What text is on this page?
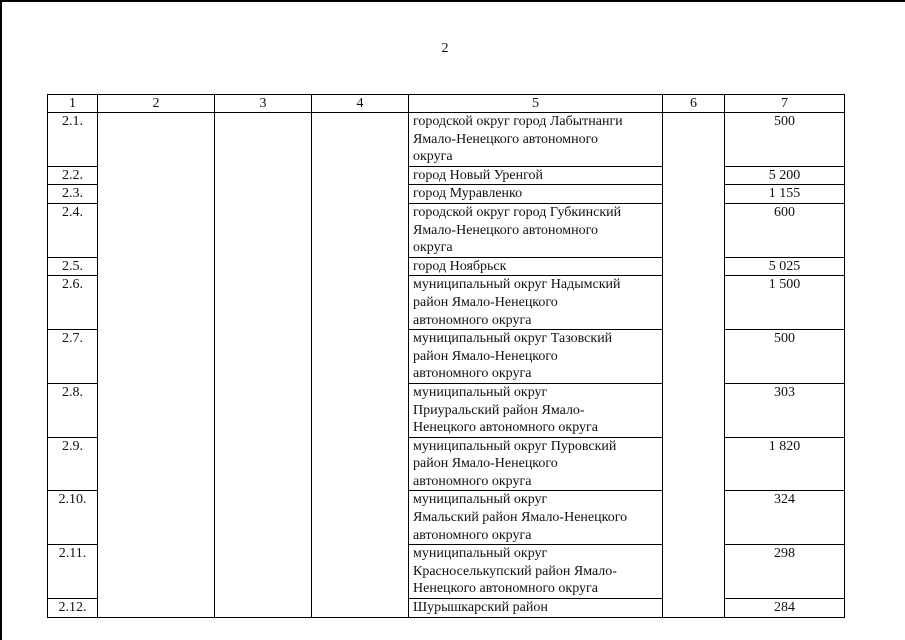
2
1	2	3	4	5	6	7
2.1.				городской округ город Лабытнанги
Ямало-Ненецкого автономного
округа		500
2.2.				город Новый Уренгой		5 200
2.3.				город Муравленко		1 155
2.4.				городской округ город Губкинский
Ямало-Ненецкого автономного
округа		600
2.5.				город Ноябрьск		5 025
2.6.				муниципальный округ Надымский
район Ямало-Ненецкого
автономного округа		1 500
2.7.				муниципальный округ Тазовский
район Ямало-Ненецкого
автономного округа		500
2.8.				муниципальный округ
Приуральский район Ямало-
Ненецкого автономного округа		303
2.9.				муниципальный округ Пуровский
район Ямало-Ненецкого
автономного округа		1 820
2.10.				муниципальный округ
Ямальский район Ямало-Ненецкого
автономного округа		324
2.11.				муниципальный округ
Красноселькупский район Ямало-
Ненецкого автономного округа		298
2.12.				Шурышкарский район		284
